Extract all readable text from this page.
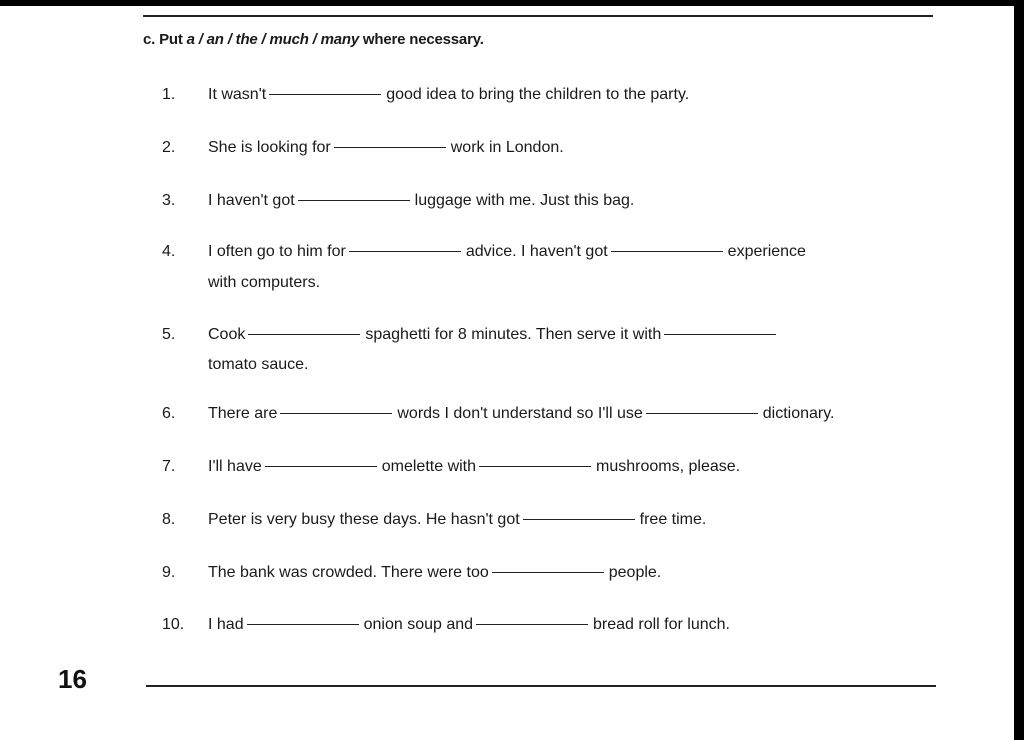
c. Put a / an / the / much / many where necessary.
1. It wasn't	good idea to bring the children to the party.
2. She is looking for	work in London.
3. I haven't got	luggage with me. Just this bag.
4. I often go to him for	advice. I haven't got	experience
with computers.
5. Cook	spaghetti for 8 minutes. Then serve it with
tomato sauce.
6. There are	words I don't understand so I'll use	dictionary.
7. I'll have	omelette with	mushrooms, please.
8. Peter is very busy these days. He hasn't got	free time.
9. The bank was crowded. There were too	people.
10. I had	onion soup and	bread roll for lunch.
16
